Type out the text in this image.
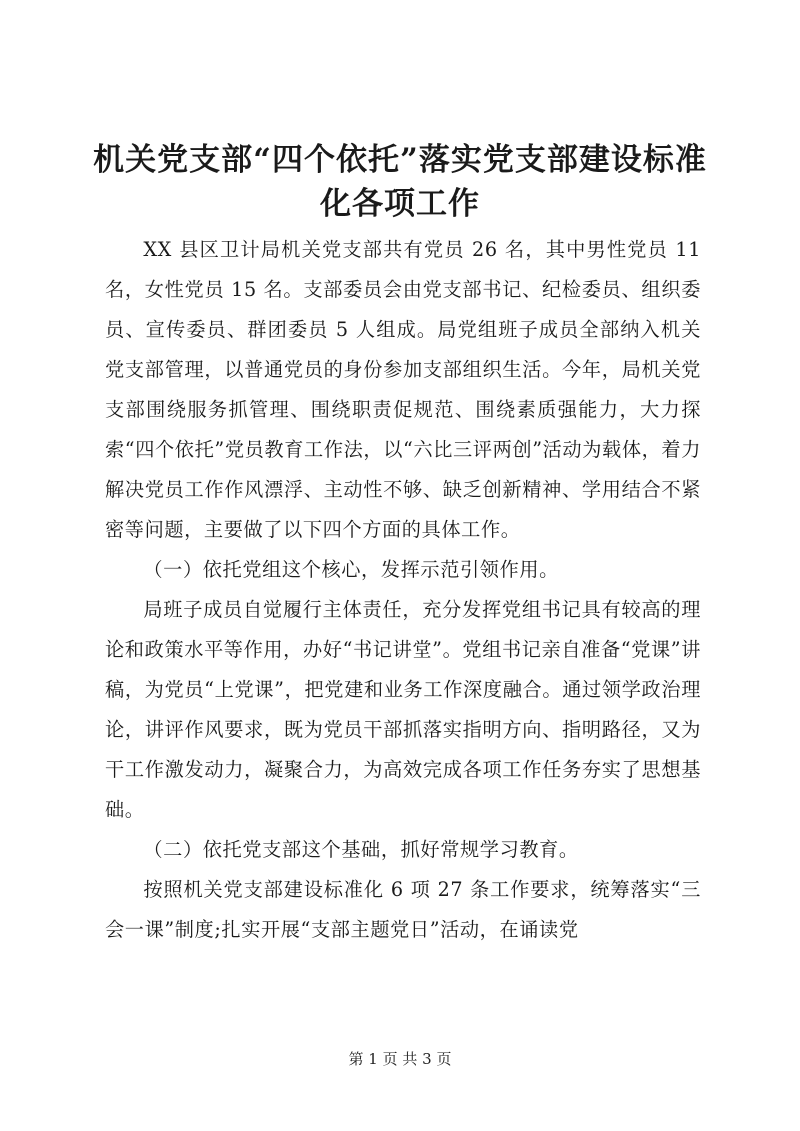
机关党支部“四个依托”落实党支部建设标准
化各项工作

XX 县区卫计局机关党支部共有党员 26 名，其中男性党员 11 名，女性党员 15 名。支部委员会由党支部书记、纪检委员、组织委员、宣传委员、群团委员 5 人组成。局党组班子成员全部纳入机关党支部管理，以普通党员的身份参加支部组织生活。今年，局机关党支部围绕服务抓管理、围绕职责促规范、围绕素质强能力，大力探索“四个依托”党员教育工作法，以“六比三评两创”活动为载体，着力解决党员工作作风漂浮、主动性不够、缺乏创新精神、学用结合不紧密等问题，主要做了以下四个方面的具体工作。

（一）依托党组这个核心，发挥示范引领作用。

局班子成员自觉履行主体责任，充分发挥党组书记具有较高的理论和政策水平等作用，办好“书记讲堂”。党组书记亲自准备“党课”讲稿，为党员“上党课”，把党建和业务工作深度融合。通过领学政治理论，讲评作风要求，既为党员干部抓落实指明方向、指明路径，又为干工作激发动力，凝聚合力，为高效完成各项工作任务夯实了思想基础。

（二）依托党支部这个基础，抓好常规学习教育。

按照机关党支部建设标准化 6 项 27 条工作要求，统筹落实“三会一课”制度;扎实开展“支部主题党日”活动，在诵读党

第 1 页 共 3 页
